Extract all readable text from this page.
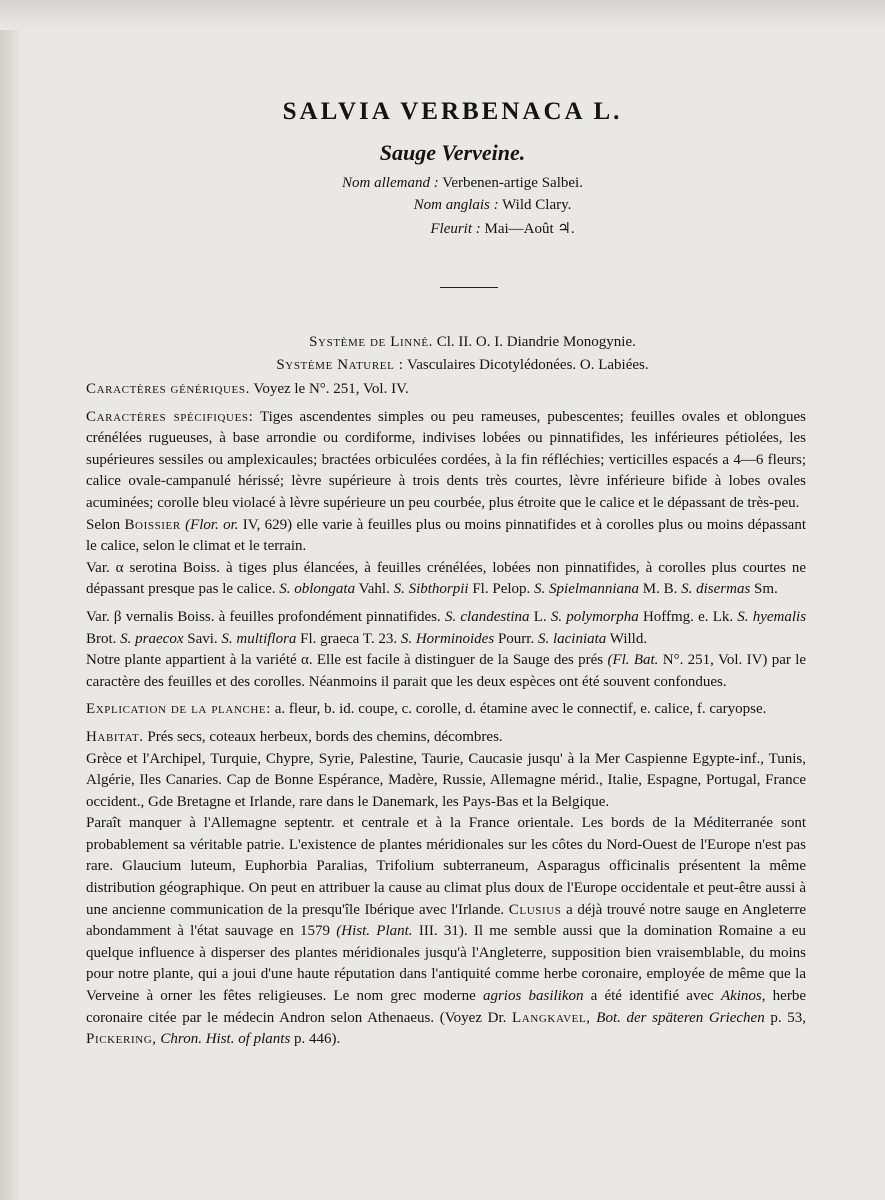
SALVIA VERBENACA L.
Sauge Verveine.

Nom allemand : Verbenen-artige Salbei.

Nom anglais : Wild Clary.

Fleurit : Mai—Août ♃.

Système de Linné. Cl. II. O. I. Diandrie Monogynie.

Système Naturel : Vasculaires Dicotylédonées. O. Labiées.

Caractères génériques. Voyez le N°. 251, Vol. IV.

Caractères spécifiques: Tiges ascendentes simples ou peu rameuses, pubescentes; feuilles ovales et oblongues crénélées rugueuses, à base arrondie ou cordiforme, indivises lobées ou pinnatifides, les inférieures pétiolées, les supérieures sessiles ou amplexicaules; bractées orbiculées cordées, à la fin réfléchies; verticilles espacés a 4—6 fleurs; calice ovale-campanulé hérissé; lèvre supérieure à trois dents très courtes, lèvre inférieure bifide à lobes ovales acuminées; corolle bleu violacé à lèvre supérieure un peu courbée, plus étroite que le calice et le dépassant de très-peu.

Selon Boissier (Flor. or. IV, 629) elle varie à feuilles plus ou moins pinnatifides et à corolles plus ou moins dépassant le calice, selon le climat et le terrain.

Var. α serotina Boiss. à tiges plus élancées, à feuilles crénélées, lobées non pinnatifides, à corolles plus courtes ne dépassant presque pas le calice. S. oblongata Vahl. S. Sibthorpii Fl. Pelop. S. Spielmanniana M. B. S. disermas Sm.

Var. β vernalis Boiss. à feuilles profondément pinnatifides. S. clandestina L. S. polymorpha Hoffmg. e. Lk. S. hyemalis Brot. S. praecox Savi. S. multiflora Fl. graeca T. 23. S. Horminoides Pourr. S. laciniata Willd.

Notre plante appartient à la variété α. Elle est facile à distinguer de la Sauge des prés (Fl. Bat. N°. 251, Vol. IV) par le caractère des feuilles et des corolles. Néanmoins il parait que les deux espèces ont été souvent confondues.

Explication de la planche: a. fleur, b. id. coupe, c. corolle, d. étamine avec le connectif, e. calice, f. caryopse.

Habitat. Prés secs, coteaux herbeux, bords des chemins, décombres.

Grèce et l'Archipel, Turquie, Chypre, Syrie, Palestine, Taurie, Caucasie jusqu' à la Mer Caspienne Egypte-inf., Tunis, Algérie, Iles Canaries. Cap de Bonne Espérance, Madère, Russie, Allemagne mérid., Italie, Espagne, Portugal, France occident., Gde Bretagne et Irlande, rare dans le Danemark, les Pays-Bas et la Belgique.

Paraît manquer à l'Allemagne septentr. et centrale et à la France orientale. Les bords de la Méditerranée sont probablement sa véritable patrie. L'existence de plantes méridionales sur les côtes du Nord-Ouest de l'Europe n'est pas rare. Glaucium luteum, Euphorbia Paralias, Trifolium subterraneum, Asparagus officinalis présentent la même distribution géographique. On peut en attribuer la cause au climat plus doux de l'Europe occidentale et peut-être aussi à une ancienne communication de la presqu'île Ibérique avec l'Irlande. Clusius a déjà trouvé notre sauge en Angleterre abondamment à l'état sauvage en 1579 (Hist. Plant. III. 31). Il me semble aussi que la domination Romaine a eu quelque influence à disperser des plantes méridionales jusqu'à l'Angleterre, supposition bien vraisemblable, du moins pour notre plante, qui a joui d'une haute réputation dans l'antiquité comme herbe coronaire, employée de même que la Verveine à orner les fêtes religieuses. Le nom grec moderne agrios basilikon a été identifié avec Akinos, herbe coronaire citée par le médecin Andron selon Athenaeus. (Voyez Dr. Langkavel, Bot. der späteren Griechen p. 53, Pickering, Chron. Hist. of plants p. 446).
